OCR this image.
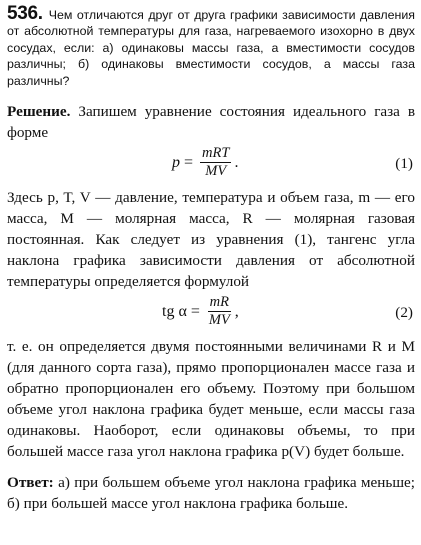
536. Чем отличаются друг от друга графики зависимости давления от абсолютной температуры для газа, нагреваемого изохорно в двух сосудах, если: а) одинаковы массы газа, а вместимости сосудов различны; б) одинаковы вместимости сосудов, а массы газа различны?

Решение. Запишем уравнение состояния идеального газа в форме

$p = \frac{\text{mRT}}{MV}$ .	(1)

Здесь p, T, V — давление, температура и объем газа, m — его масса, M — молярная масса, R — молярная газовая постоянная. Как следует из уравнения (1), тангенс угла наклона графика зависимости давления от абсолютной температуры определяется формулой

tg $\alpha = \frac{mR}{MV}$ ,	(2)

т. е. он определяется двумя постоянными величинами R и M (для данного сорта газа), прямо пропорционален массе газа и обратно пропорционален его объему. Поэтому при большом объеме угол наклона графика будет меньше, если массы газа одинаковы. Наоборот, если одинаковы объемы, то при большей массе газа угол наклона графика p(V) будет больше.

Ответ: а) при большем объеме угол наклона графика меньше; б) при большей массе угол наклона графика больше.
